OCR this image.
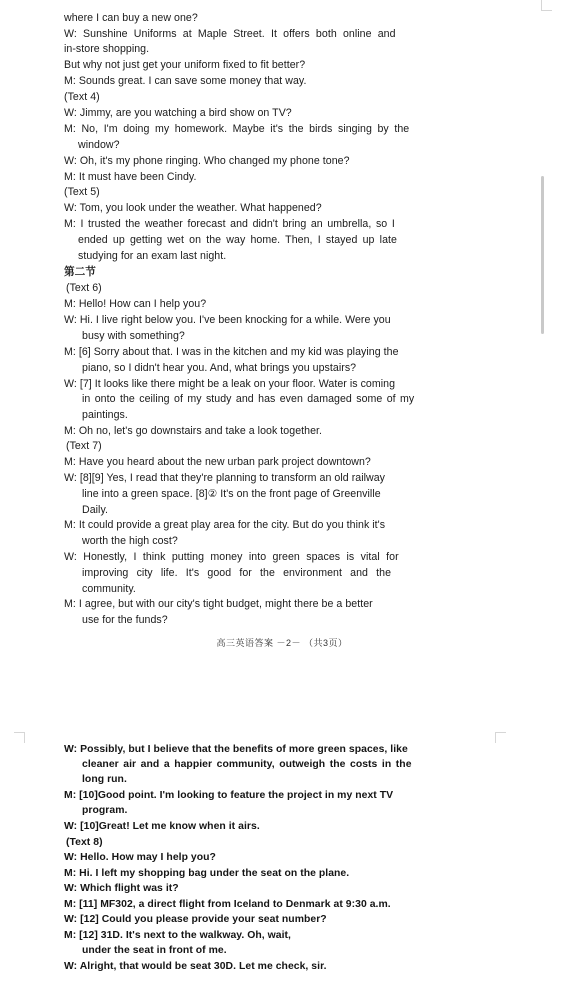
where I can buy a new one?
W: Sunshine Uniforms at Maple Street. It offers both online and
in-store shopping.
But why not just get your uniform fixed to fit better?
M: Sounds great. I can save some money that way.
(Text 4)
W: Jimmy, are you watching a bird show on TV?
M: No, I'm doing my homework. Maybe it's the birds singing by the
window?
W: Oh, it's my phone ringing. Who changed my phone tone?
M: It must have been Cindy.
(Text 5)
W: Tom, you look under the weather. What happened?
M: I trusted the weather forecast and didn't bring an umbrella, so I
ended up getting wet on the way home. Then, I stayed up late
studying for an exam last night.
第二节
(Text 6)
M: Hello! How can I help you?
W: Hi. I live right below you. I've been knocking for a while. Were you
busy with something?
M: [6] Sorry about that. I was in the kitchen and my kid was playing the
piano, so I didn't hear you. And, what brings you upstairs?
W: [7] It looks like there might be a leak on your floor. Water is coming
in onto the ceiling of my study and has even damaged some of my
paintings.
M: Oh no, let's go downstairs and take a look together.
(Text 7)
M: Have you heard about the new urban park project downtown?
W: [8][9] Yes, I read that they're planning to transform an old railway
line into a green space. [8]② It's on the front page of Greenville
Daily.
M: It could provide a great play area for the city. But do you think it's
worth the high cost?
W: Honestly, I think putting money into green spaces is vital for
improving city life. It's good for the environment and the
community.
M: I agree, but with our city's tight budget, might there be a better
use for the funds?
高三英语答案 －2－ （共3页）
W: Possibly, but I believe that the benefits of more green spaces, like
cleaner air and a happier community, outweigh the costs in the
long run.
M: [10]Good point. I'm looking to feature the project in my next TV
program.
W: [10]Great! Let me know when it airs.
(Text 8)
W: Hello. How may I help you?
M: Hi. I left my shopping bag under the seat on the plane.
W: Which flight was it?
M: [11] MF302, a direct flight from Iceland to Denmark at 9:30 a.m.
W: [12] Could you please provide your seat number?
M: [12] 31D. It's next to the walkway. Oh, wait,
under the seat in front of me.
W: Alright, that would be seat 30D. Let me check, sir.
